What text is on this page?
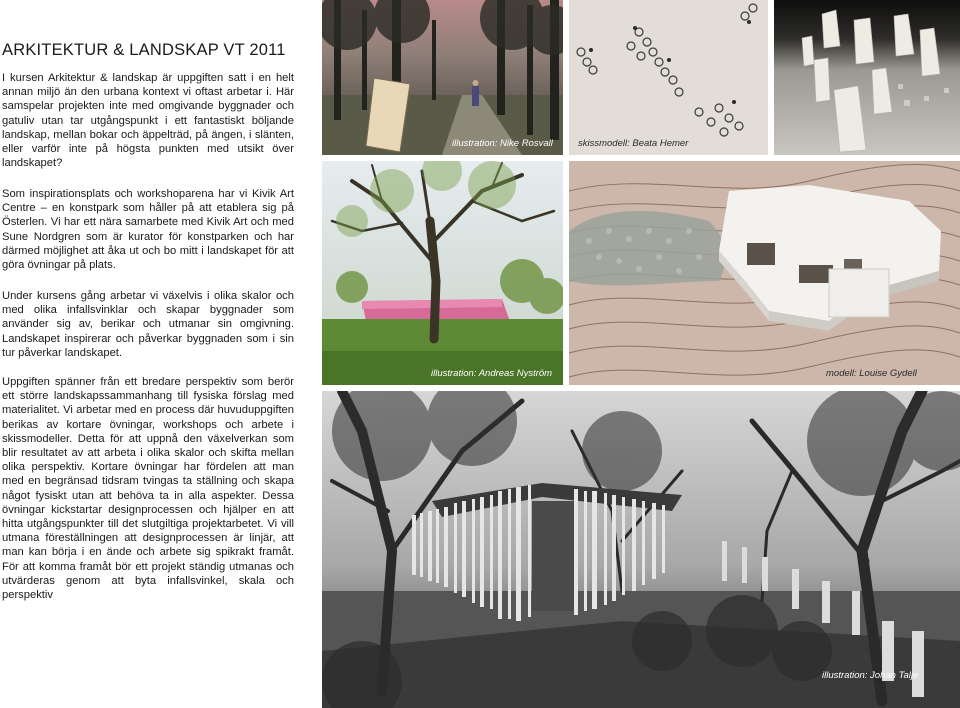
ARKITEKTUR & LANDSKAP VT 2011

I kursen Arkitektur & landskap är uppgiften satt i en helt annan miljö än den urbana kontext vi oftast arbetar i. Här samspelar projekten inte med omgivande byggnader och gatuliv utan tar utgångspunkt i ett fantastiskt böljande landskap, mellan bokar och äppelträd, på ängen, i slänten, eller varför inte på högsta punkten med utsikt över landskapet?

Som inspirationsplats och workshoparena har vi Kivik Art Centre – en konstpark som håller på att etablera sig på Österlen. Vi har ett nära samarbete med Kivik Art och med Sune Nordgren som är kurator för konstparken och har därmed möjlighet att åka ut och bo mitt i landskapet för att göra övningar på plats.

Under kursens gång arbetar vi växelvis i olika skalor och med olika infallsvinklar och skapar byggnader som använder sig av, berikar och utmanar sin omgivning. Landskapet inspirerar och påverkar byggnaden som i sin tur påverkar landskapet.

Uppgiften spänner från ett bredare perspektiv som berör ett större landskapssammanhang till fysiska förslag med materialitet. Vi arbetar med en process där huvuduppgiften berikas av kortare övningar, workshops och arbete i skissmodeller. Detta för att uppnå den växelverkan som blir resultatet av att arbeta i olika skalor och skifta mellan olika perspektiv. Kortare övningar har fördelen att man med en begränsad tidsram tvingas ta ställning och skapa något fysiskt utan att behöva ta in alla aspekter. Dessa övningar kickstartar designprocessen och hjälper en att hitta utgångspunkter till det slutgiltiga projektarbetet. Vi vill utmana föreställningen att designprocessen är linjär, att man kan börja i en ände och arbete sig spikrakt framåt. För att komma framåt bör ett projekt ständig utmanas och utvärderas genom att byta infallsvinkel, skala och perspektiv

illustration: Nike Rosvall	skissmodell: Beata Hemer
illustration: Andreas Nyström	modell: Louise Gydell
illustration: Johan Talje
